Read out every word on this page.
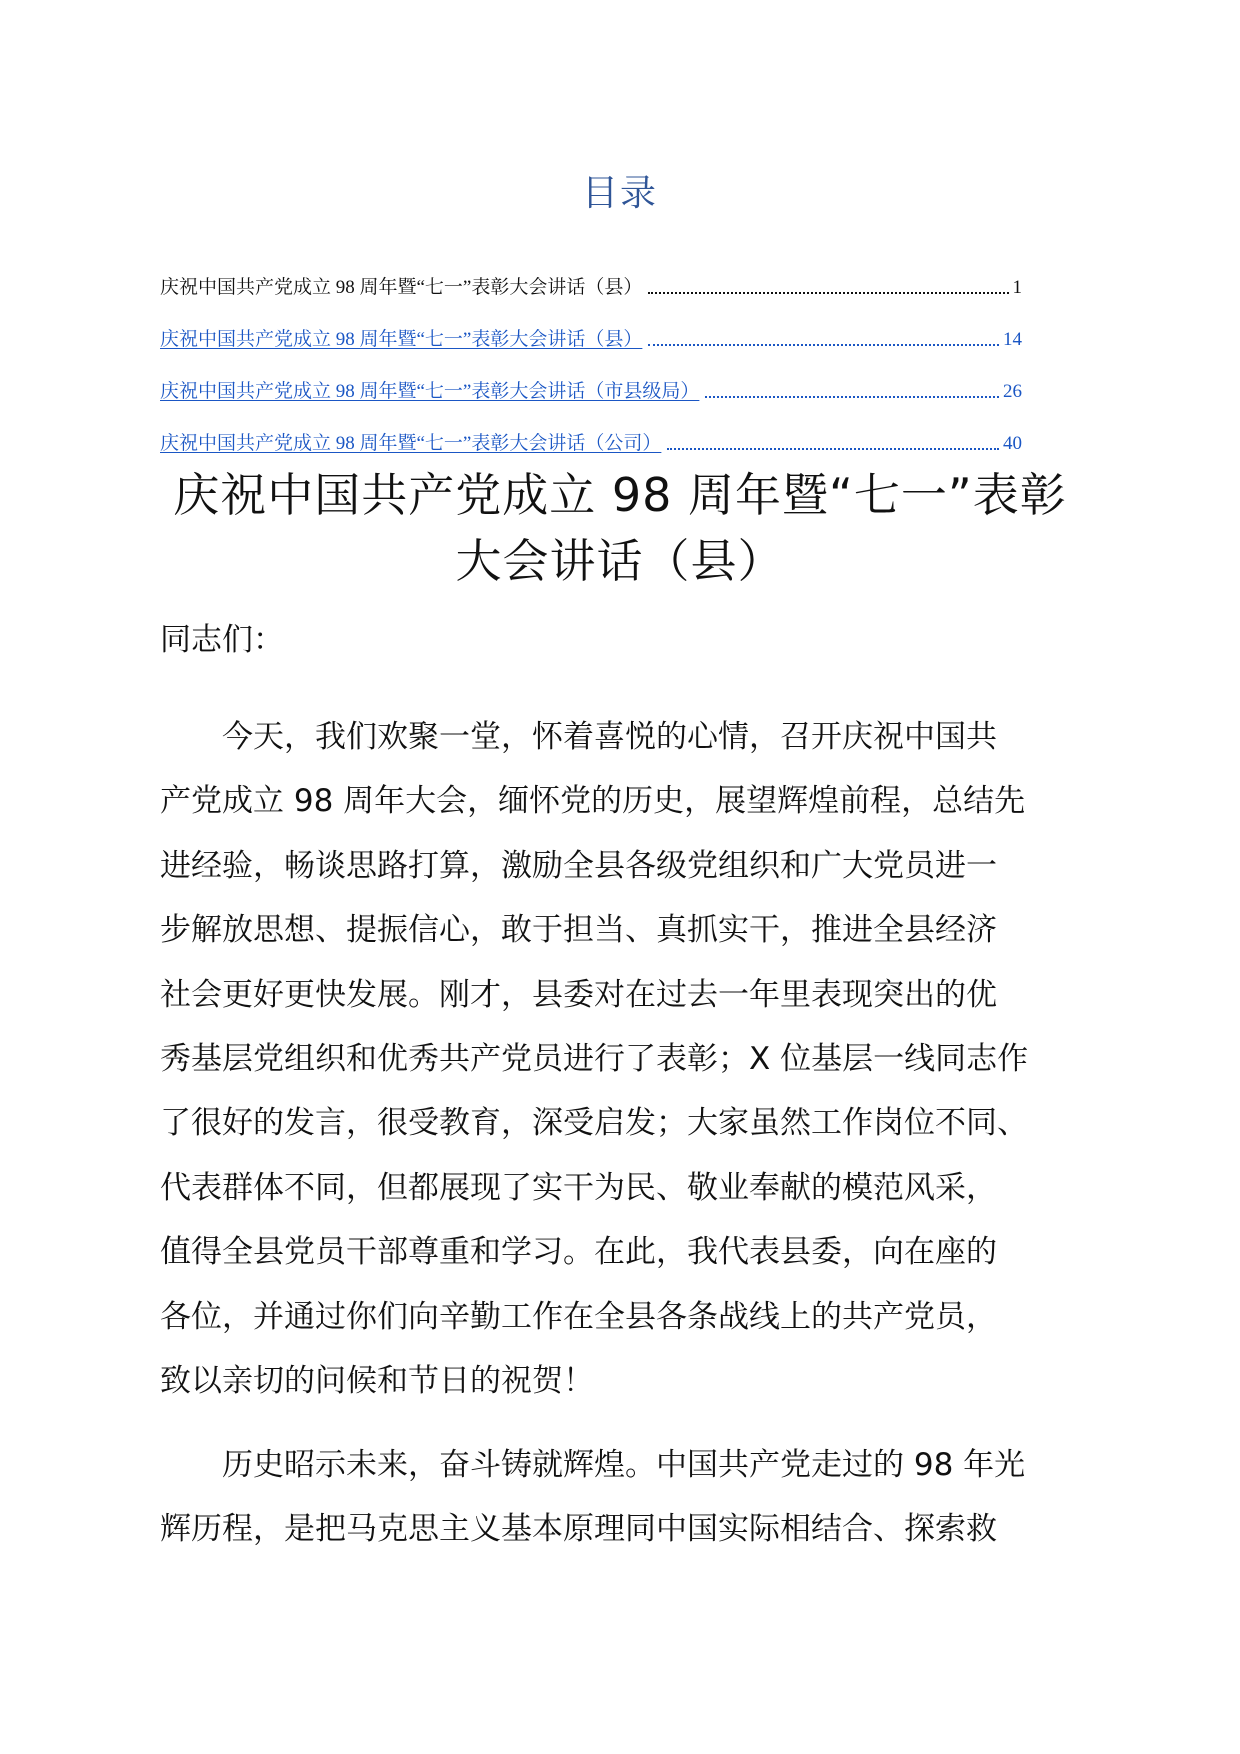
目录
庆祝中国共产党成立 98 周年暨“七一”表彰大会讲话（县）	1
庆祝中国共产党成立 98 周年暨“七一”表彰大会讲话（县）	14
庆祝中国共产党成立 98 周年暨“七一”表彰大会讲话（市县级局）	26
庆祝中国共产党成立 98 周年暨“七一”表彰大会讲话（公司）	40
庆祝中国共产党成立 98 周年暨“七一”表彰
大会讲话（县）
同志们：
今天，我们欢聚一堂，怀着喜悦的心情，召开庆祝中国共
产党成立 98 周年大会，缅怀党的历史，展望辉煌前程，总结先
进经验，畅谈思路打算，激励全县各级党组织和广大党员进一
步解放思想、提振信心，敢于担当、真抓实干，推进全县经济
社会更好更快发展。刚才，县委对在过去一年里表现突出的优
秀基层党组织和优秀共产党员进行了表彰；X 位基层一线同志作
了很好的发言，很受教育，深受启发；大家虽然工作岗位不同、
代表群体不同，但都展现了实干为民、敬业奉献的模范风采，
值得全县党员干部尊重和学习。在此，我代表县委，向在座的
各位，并通过你们向辛勤工作在全县各条战线上的共产党员，
致以亲切的问候和节日的祝贺！
历史昭示未来，奋斗铸就辉煌。中国共产党走过的 98 年光
辉历程，是把马克思主义基本原理同中国实际相结合、探索救
